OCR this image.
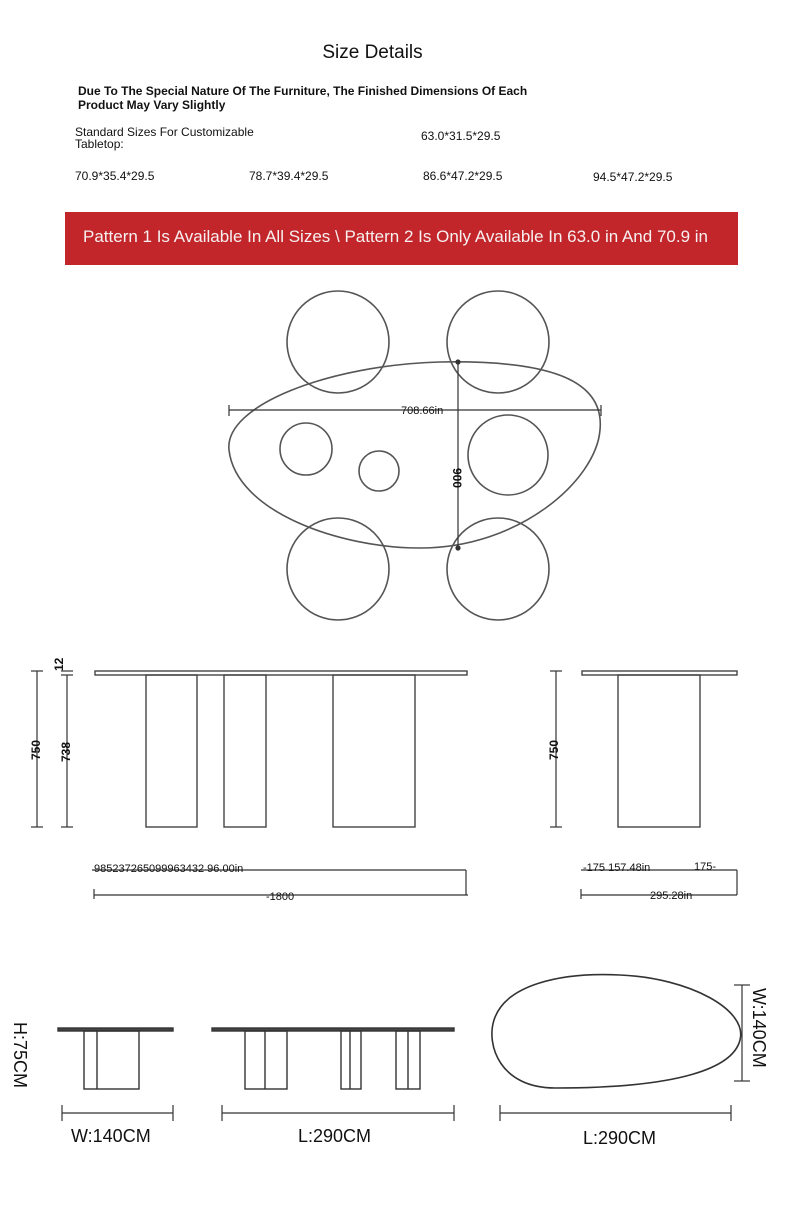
Size Details
Due To The Special Nature Of The Furniture, The Finished Dimensions Of Each Product May Vary Slightly
Standard Sizes For Customizable Tabletop:
63.0*31.5*29.5
70.9*35.4*29.5	78.7*39.4*29.5	86.6*47.2*29.5	94.5*47.2*29.5
Pattern 1 Is Available In All Sizes \ Pattern 2 Is Only Available In 63.0 in And 70.9 in
708.66in
900
750 738
12
985237265099963432 96.00in
-1800
750
-175 157.48in	175-
295.28in
H:75CM
W:140CM	L:290CM
W:140CM
L:290CM
